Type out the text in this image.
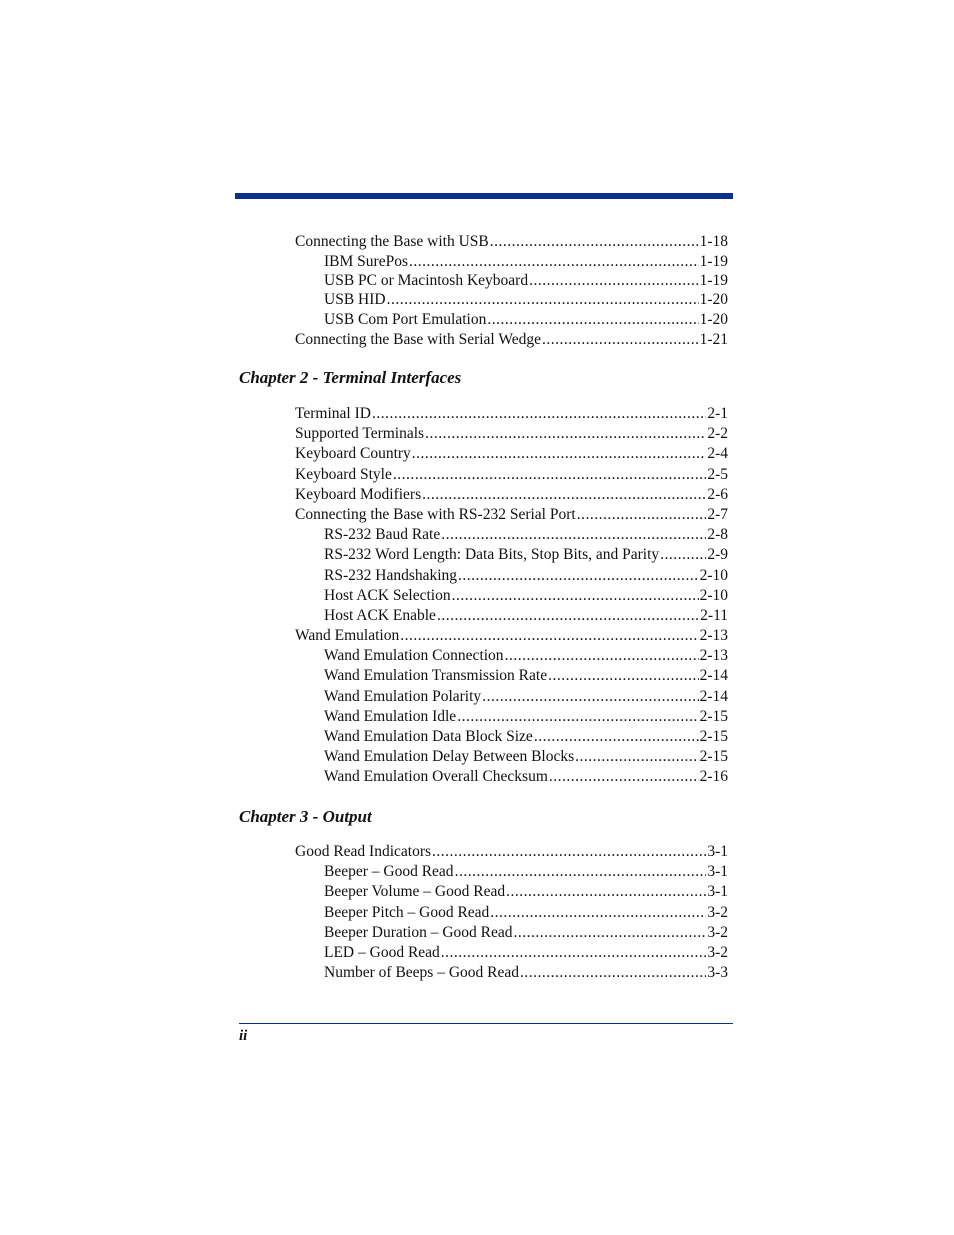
Connecting the Base with USB .....	1-18
IBM SurePos .....	1-19
USB PC or Macintosh Keyboard .....	1-19
USB HID .....	1-20
USB Com Port Emulation .....	1-20
Connecting the Base with Serial Wedge .....	1-21
Chapter 2 - Terminal Interfaces
Terminal ID .....	2-1
Supported Terminals .....	2-2
Keyboard Country .....	2-4
Keyboard Style .....	2-5
Keyboard Modifiers .....	2-6
Connecting the Base with RS-232 Serial Port .....	2-7
RS-232 Baud Rate .....	2-8
RS-232 Word Length: Data Bits, Stop Bits, and Parity .....	2-9
RS-232 Handshaking .....	2-10
Host ACK Selection .....	2-10
Host ACK Enable .....	2-11
Wand Emulation .....	2-13
Wand Emulation Connection .....	2-13
Wand Emulation Transmission Rate .....	2-14
Wand Emulation Polarity .....	2-14
Wand Emulation Idle .....	2-15
Wand Emulation Data Block Size .....	2-15
Wand Emulation Delay Between Blocks .....	2-15
Wand Emulation Overall Checksum .....	2-16
Chapter 3 - Output
Good Read Indicators .....	3-1
Beeper – Good Read .....	3-1
Beeper Volume – Good Read .....	3-1
Beeper Pitch – Good Read .....	3-2
Beeper Duration – Good Read .....	3-2
LED – Good Read .....	3-2
Number of Beeps – Good Read .....	3-3
ii
